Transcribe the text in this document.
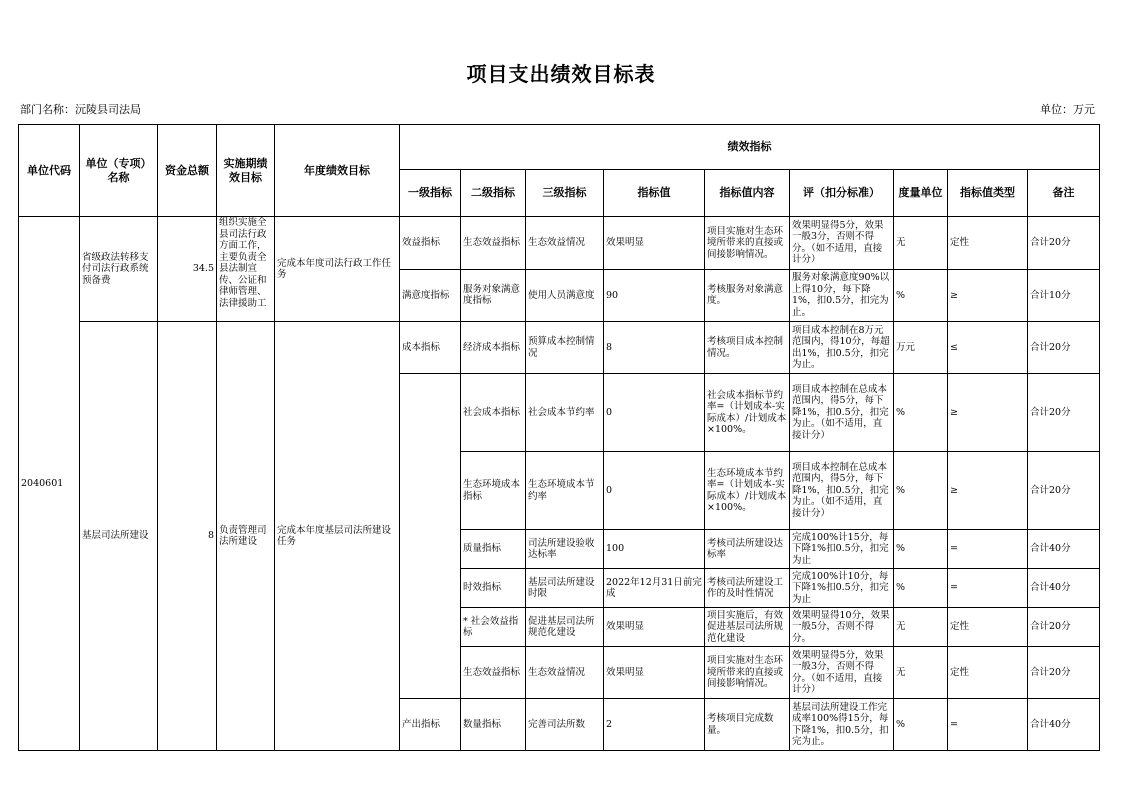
项目支出绩效目标表
部门名称：沅陵县司法局	单位：万元
单位代码	单位（专项）名称	资金总额	实施期绩效目标	年度绩效目标	绩效指标								
					一级指标	二级指标	三级指标	指标值	指标值内容	评（扣分标准）	度量单位	指标值类型	备注
2040601	省级政法转移支付司法行政系统预备费	34.5	组织实施全县司法行政方面工作，主要负责全县法制宣传、公证和律师管理、法律援助工	完成本年度司法行政工作任务	效益指标	生态效益指标	生态效益情况	效果明显	项目实施对生态环境所带来的直接或间接影响情况。	效果明显得5分，效果一般3分，否则不得分。（如不适用，直接计分）	无	定性	合计20分
					满意度指标	服务对象满意度指标	使用人员满意度	90	考核服务对象满意度。	服务对象满意度90%以上得10分，每下降1%，扣0.5分，扣完为止。	%	≥	合计10分
	基层司法所建设	8	负责管理司法所建设	完成本年度基层司法所建设任务	成本指标	经济成本指标	预算成本控制情况	8	考核项目成本控制情况。	项目成本控制在8万元范围内，得10分，每超出1%，扣0.5分，扣完为止。	万元	≤	合计20分
						社会成本指标	社会成本节约率	0	社会成本指标节约率=（计划成本-实际成本）/计划成本×100%。	项目成本控制在总成本范围内，得5分，每下降1%，扣0.5分，扣完为止。（如不适用，直接计分）	%	≥	合计20分
						生态环境成本指标	生态环境成本节约率	0	生态环境成本节约率=（计划成本-实际成本）/计划成本×100%。	项目成本控制在总成本范围内，得5分，每下降1%，扣0.5分，扣完为止。（如不适用，直接计分）	%	≥	合计20分
						质量指标	司法所建设验收达标率	100	考核司法所建设达标率	完成100%计15分，每下降1%扣0.5分，扣完为止	%	=	合计40分
						时效指标	基层司法所建设时限	2022年12月31日前完成	考核司法所建设工作的及时性情况	完成100%计10分，每下降1%扣0.5分，扣完为止	%	=	合计40分
						* 社会效益指标	促进基层司法所规范化建设	效果明显	项目实施后，有效促进基层司法所规范化建设	效果明显得10分，效果一般5分，否则不得分。	无	定性	合计20分
						生态效益指标	生态效益情况	效果明显	项目实施对生态环境所带来的直接或间接影响情况。	效果明显得5分，效果一般3分，否则不得分。（如不适用，直接计分）	无	定性	合计20分
					产出指标	数量指标	完善司法所数	2	考核项目完成数量。	基层司法所建设工作完成率100%得15分，每下降1%，扣0.5分，扣完为止。	%	=	合计40分
